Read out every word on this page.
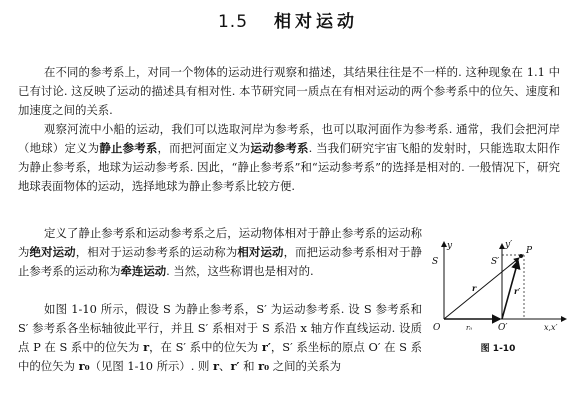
1.5 相对运动

在不同的参考系上，对同一个物体的运动进行观察和描述，其结果往往是不一样的. 这种现象在 1.1 中已有讨论. 这反映了运动的描述具有相对性. 本节研究同一质点在有相对运动的两个参考系中的位矢、速度和加速度之间的关系.

观察河流中小船的运动，我们可以选取河岸为参考系，也可以取河面作为参考系. 通常，我们会把河岸（地球）定义为静止参考系，而把河面定义为运动参考系. 当我们研究宇宙飞船的发射时，只能选取太阳作为静止参考系，地球为运动参考系. 因此，“静止参考系”和“运动参考系”的选择是相对的. 一般情况下，研究地球表面物体的运动，选择地球为静止参考系比较方便.

定义了静止参考系和运动参考系之后，运动物体相对于静止参考系的运动称为绝对运动，相对于运动参考系的运动称为相对运动，而把运动参考系相对于静止参考系的运动称为牵连运动. 当然，这些称谓也是相对的.

如图 1-10 所示，假设 S 为静止参考系，S′ 为运动参考系. 设 S 参考系和 S′ 参考系各坐标轴彼此平行，并且 S′ 系相对于 S 系沿 x 轴方作直线运动. 设质点 P 在 S 系中的位矢为 r，在 S′ 系中的位矢为 r′，S′ 系坐标的原点 O′ 在 S 系中的位矢为 r₀（见图 1-10 所示）. 则 r、r′ 和 r₀ 之间的关系为

y
S
y′
S′
P
r	r′
O	r₀	O′	x,x′
图 1-10
